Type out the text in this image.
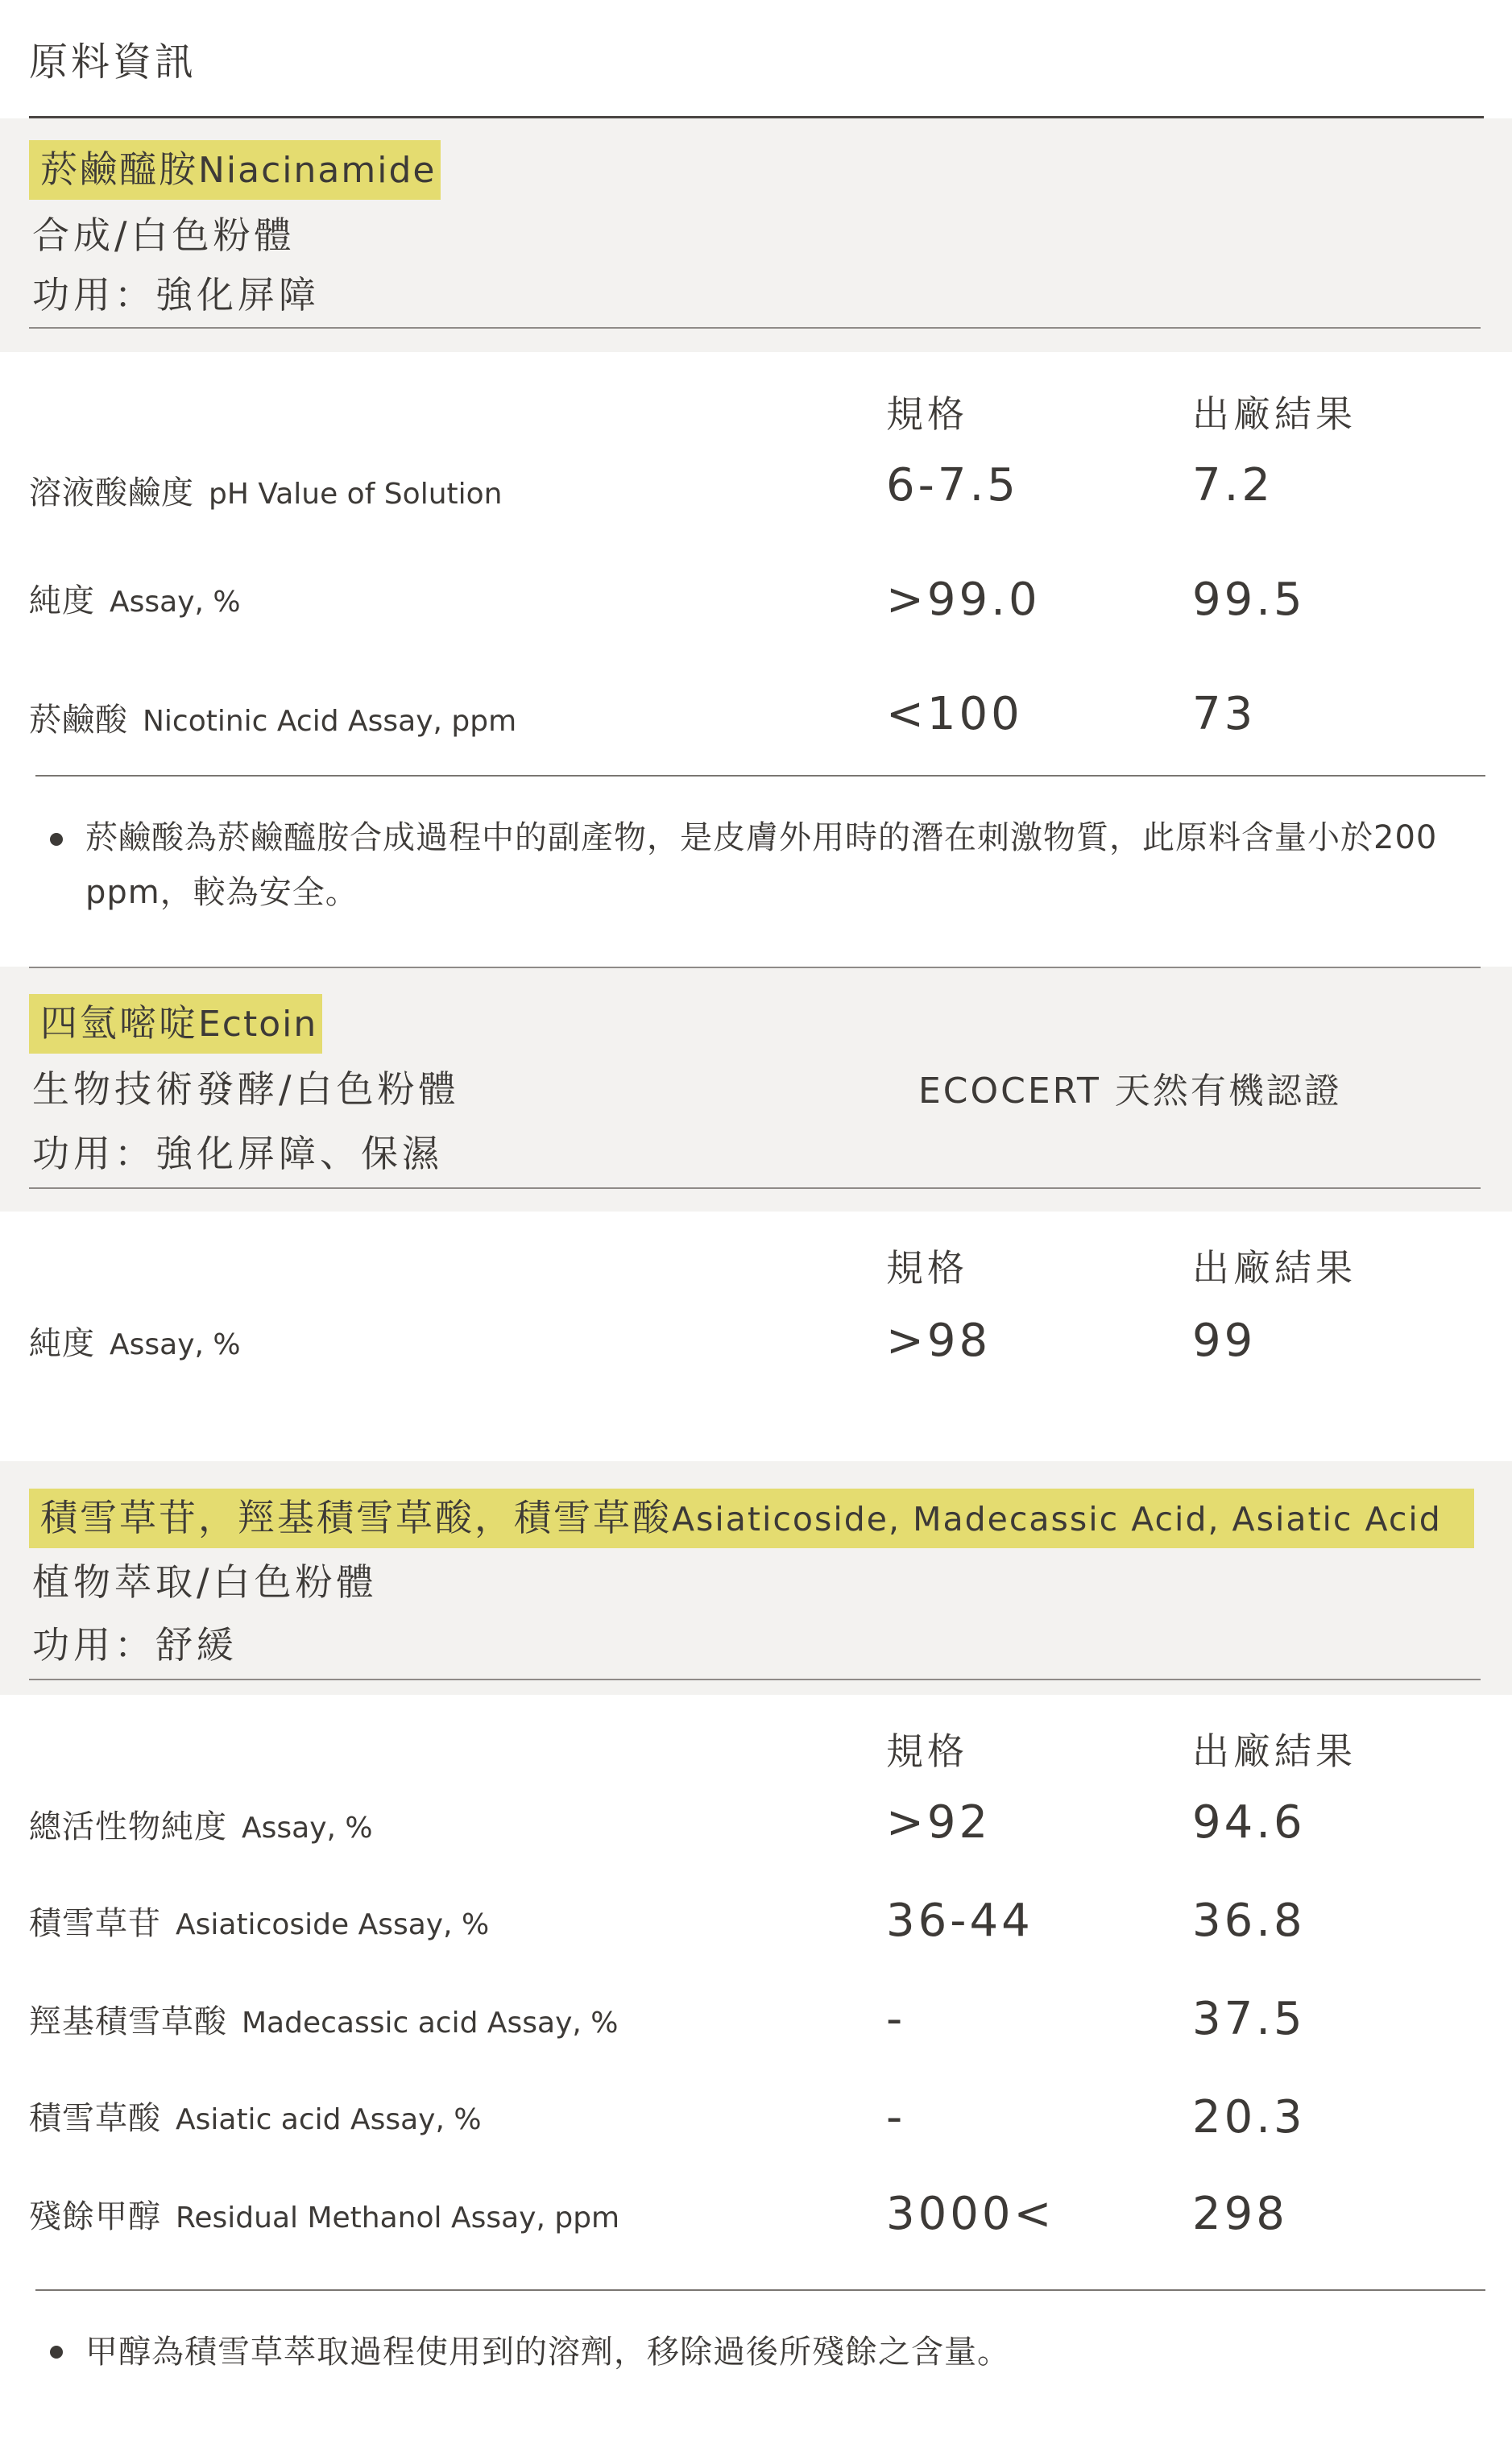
原料資訊
菸鹼醯胺Niacinamide
合成/白色粉體
功用：強化屏障
規格	出廠結果
溶液酸鹼度 pH Value of Solution	6-7.5	7.2
純度 Assay, %	>99.0	99.5
菸鹼酸 Nicotinic Acid Assay, ppm	<100	73
菸鹼酸為菸鹼醯胺合成過程中的副產物，是皮膚外用時的潛在刺激物質，此原料含量小於200 ppm，較為安全。
四氫嘧啶Ectoin
生物技術發酵/白色粉體	ECOCERT 天然有機認證
功用：強化屏障、保濕
規格	出廠結果
純度 Assay, %	>98	99
積雪草苷，羥基積雪草酸，積雪草酸Asiaticoside, Madecassic Acid, Asiatic Acid
植物萃取/白色粉體
功用：舒緩
規格	出廠結果
總活性物純度 Assay, %	>92	94.6
積雪草苷 Asiaticoside Assay, %	36-44	36.8
羥基積雪草酸 Madecassic acid Assay, %	-	37.5
積雪草酸 Asiatic acid Assay, %	-	20.3
殘餘甲醇 Residual Methanol Assay, ppm	3000<	298
甲醇為積雪草萃取過程使用到的溶劑，移除過後所殘餘之含量。
